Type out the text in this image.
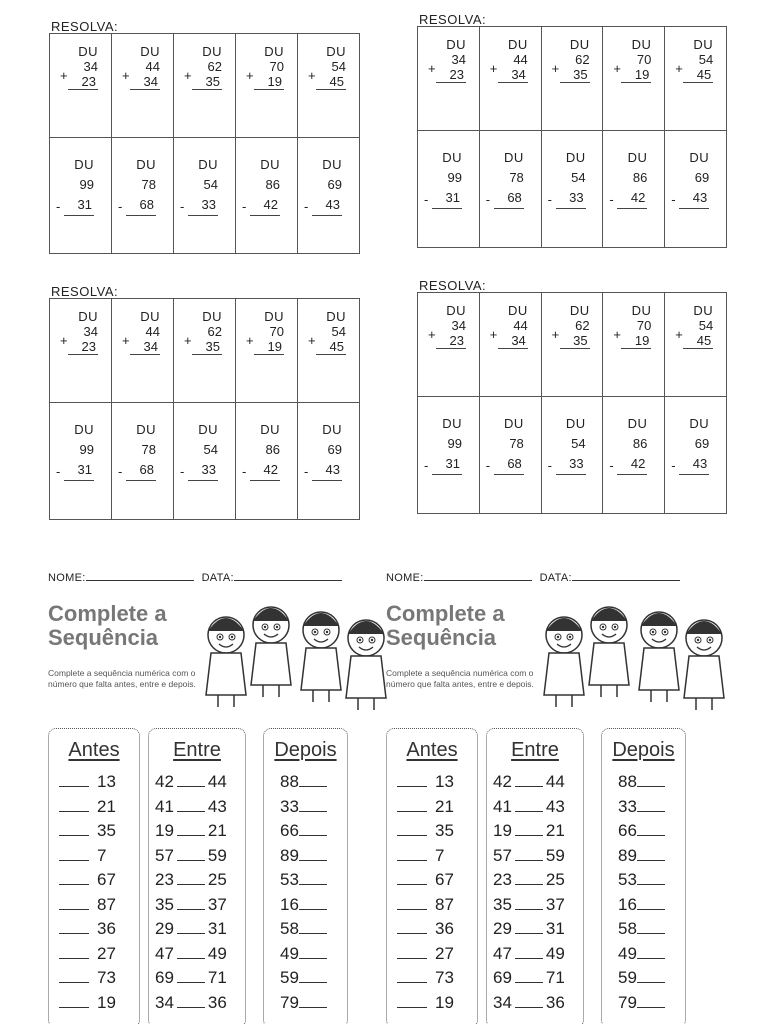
RESOLVA:
DU
+
34
23
DU
+
44
34
DU
+
62
35
DU
+
70
19
DU
+
54
45
DU
-
99
31
DU
-
78
68
DU
-
54
33
DU
-
86
42
DU
-
69
43
RESOLVA:
DU
+
34
23
DU
+
44
34
DU
+
62
35
DU
+
70
19
DU
+
54
45
DU
-
99
31
DU
-
78
68
DU
-
54
33
DU
-
86
42
DU
-
69
43
RESOLVA:
DU
+
34
23
DU
+
44
34
DU
+
62
35
DU
+
70
19
DU
+
54
45
DU
-
99
31
DU
-
78
68
DU
-
54
33
DU
-
86
42
DU
-
69
43
RESOLVA:
DU
+
34
23
DU
+
44
34
DU
+
62
35
DU
+
70
19
DU
+
54
45
DU
-
99
31
DU
-
78
68
DU
-
54
33
DU
-
86
42
DU
-
69
43
NOME:	DATA:
Complete a
Sequência
Complete a sequência numérica com o número que falta antes, entre e depois.
Antes
13
21
35
7
67
87
36
27
73
19
Entre
42 44
41 43
19 21
57 59
23 25
35 37
29 31
47 49
69 71
34 36
Depois
88
33
66
89
53
16
58
49
59
79
NOME:	DATA:
Complete a
Sequência
Complete a sequência numérica com o número que falta antes, entre e depois.
Antes
13
21
35
7
67
87
36
27
73
19
Entre
42 44
41 43
19 21
57 59
23 25
35 37
29 31
47 49
69 71
34 36
Depois
88
33
66
89
53
16
58
49
59
79
